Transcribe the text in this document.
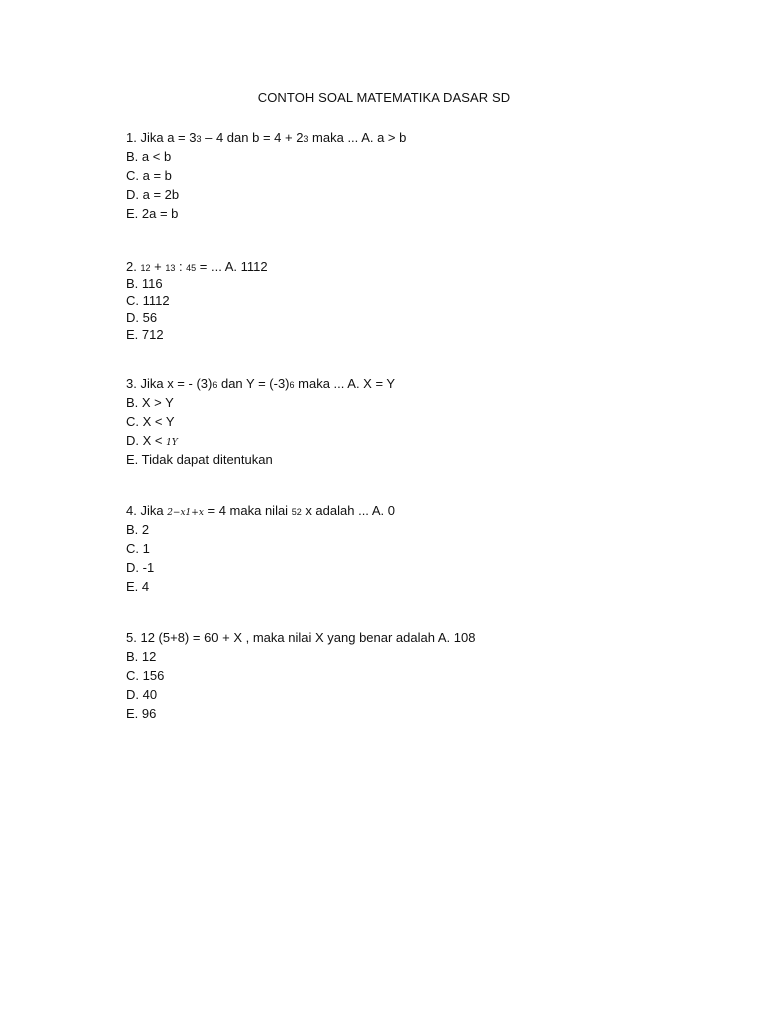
CONTOH SOAL MATEMATIKA DASAR SD
1. Jika a = 33 – 4 dan b = 4 + 23 maka ... A. a > b
B. a < b
C. a = b
D. a = 2b
E. 2a = b
2. 12 + 13 : 45 = ... A. 1112
B. 116
C. 1112
D. 56
E. 712
3. Jika x = - (3)6 dan Y = (-3)6 maka ... A. X = Y
B. X > Y
C. X < Y
D. X < 1Y
E. Tidak dapat ditentukan
4. Jika 2−x1+x = 4 maka nilai 52 x adalah ... A. 0
B. 2
C. 1
D. -1
E. 4
5. 12 (5+8) = 60 + X , maka nilai X yang benar adalah A. 108
B. 12
C. 156
D. 40
E. 96
